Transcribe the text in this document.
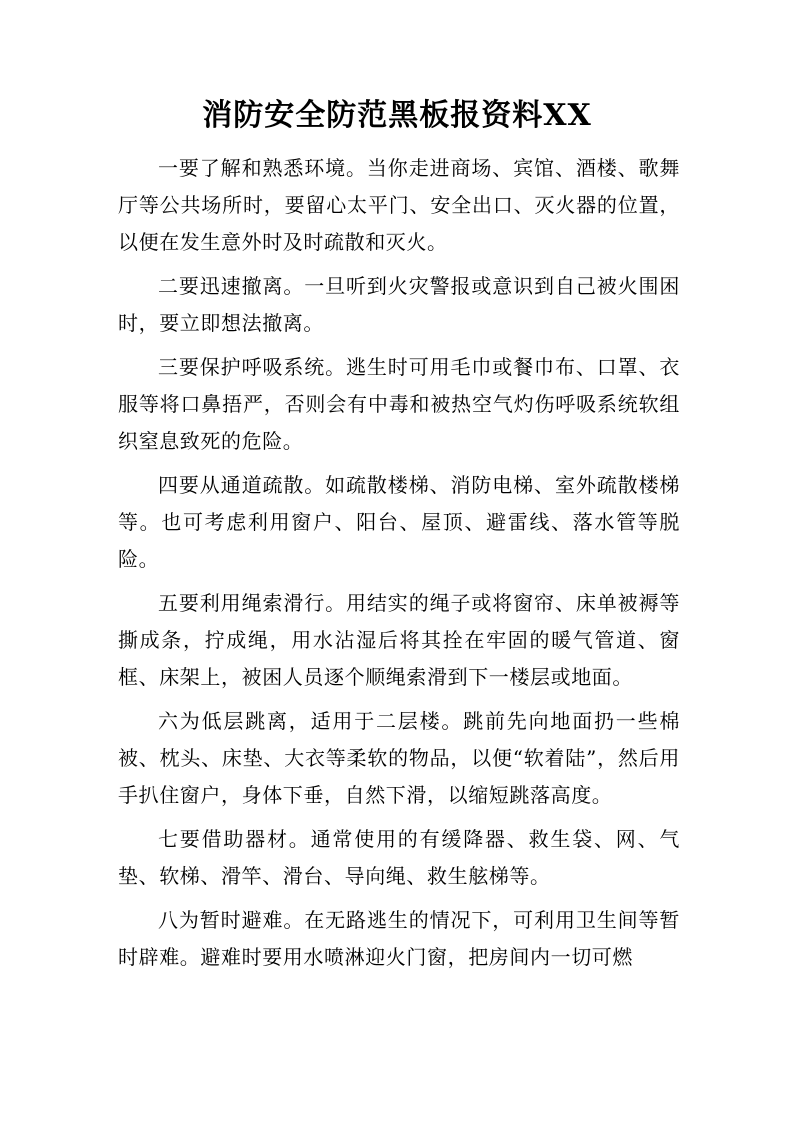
消防安全防范黑板报资料XX

一要了解和熟悉环境。当你走进商场、宾馆、酒楼、歌舞厅等公共场所时，要留心太平门、安全出口、灭火器的位置，以便在发生意外时及时疏散和灭火。

二要迅速撤离。一旦听到火灾警报或意识到自己被火围困时，要立即想法撤离。

三要保护呼吸系统。逃生时可用毛巾或餐巾布、口罩、衣服等将口鼻捂严，否则会有中毒和被热空气灼伤呼吸系统软组织窒息致死的危险。

四要从通道疏散。如疏散楼梯、消防电梯、室外疏散楼梯等。也可考虑利用窗户、阳台、屋顶、避雷线、落水管等脱险。

五要利用绳索滑行。用结实的绳子或将窗帘、床单被褥等撕成条，拧成绳，用水沾湿后将其拴在牢固的暖气管道、窗框、床架上，被困人员逐个顺绳索滑到下一楼层或地面。

六为低层跳离，适用于二层楼。跳前先向地面扔一些棉被、枕头、床垫、大衣等柔软的物品，以便“软着陆”，然后用手扒住窗户，身体下垂，自然下滑，以缩短跳落高度。

七要借助器材。通常使用的有缓降器、救生袋、网、气垫、软梯、滑竿、滑台、导向绳、救生舷梯等。

八为暂时避难。在无路逃生的情况下，可利用卫生间等暂时辟难。避难时要用水喷淋迎火门窗，把房间内一切可燃
